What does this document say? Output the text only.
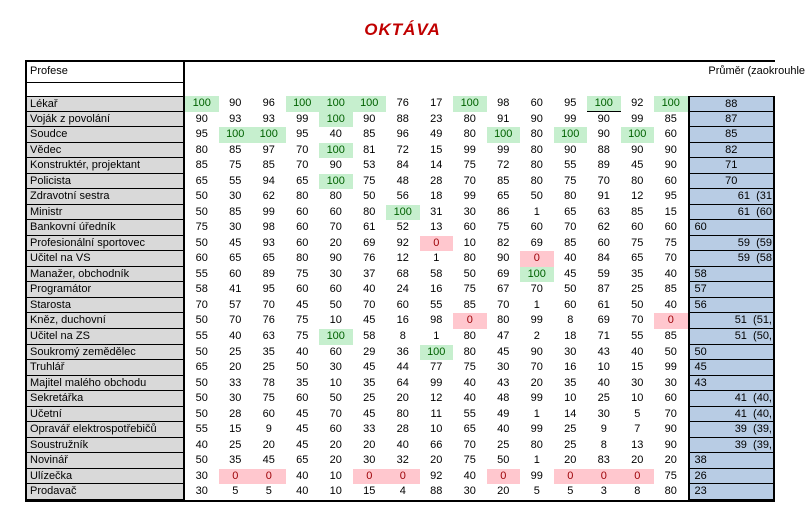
OKTÁVA
Profese	Průměr (zaokrouhle
Lékař	100	90	96	100	100	100	76	17	100	98	60	95	100	92	100	88
Voják z povolání	90	93	93	99	100	90	88	23	80	91	90	99	90	99	85	87
Soudce	95	100	100	95	40	85	96	49	80	100	80	100	90	100	60	85
Vědec	80	85	97	70	100	81	72	15	99	99	80	90	88	90	90	82
Konstruktér, projektant	85	75	85	70	90	53	84	14	75	72	80	55	89	45	90	71
Policista	65	55	94	65	100	75	48	28	70	85	80	75	70	80	60	70
Zdravotní sestra	50	30	62	80	80	50	56	18	99	65	50	80	91	12	95	61  (31
Ministr	50	85	99	60	60	80	100	31	30	86	1	65	63	85	15	61  (60
Bankovní úředník	75	30	98	60	70	61	52	13	60	75	60	70	62	60	60	60
Profesionální sportovec	50	45	93	60	20	69	92	0	10	82	69	85	60	75	75	59  (59
Učitel na VS	60	65	65	80	90	76	12	1	80	90	0	40	84	65	70	59  (58
Manažer, obchodník	55	60	89	75	30	37	68	58	50	69	100	45	59	35	40	58
Programátor	58	41	95	60	60	40	24	16	75	67	70	50	87	25	85	57
Starosta	70	57	70	45	50	70	60	55	85	70	1	60	61	50	40	56
Kněz, duchovní	50	70	76	75	10	45	16	98	0	80	99	8	69	70	0	51  (51,
Učitel na ZS	55	40	63	75	100	58	8	1	80	47	2	18	71	55	85	51  (50,
Soukromý zemědělec	50	25	35	40	60	29	36	100	80	45	90	30	43	40	50	50
Truhlář	65	20	25	50	30	45	44	77	75	30	70	16	10	15	99	45
Majitel malého obchodu	50	33	78	35	10	35	64	99	40	43	20	35	40	30	30	43
Sekretářka	50	30	75	60	50	25	20	12	40	48	99	10	25	10	60	41  (40,
Učetní	50	28	60	45	70	45	80	11	55	49	1	14	30	5	70	41  (40,
Opravář elektrospotřebičů	55	15	9	45	60	33	28	10	65	40	99	25	9	7	90	39  (39,
Soustružník	40	25	20	45	20	20	40	66	70	25	80	25	8	13	90	39  (39,
Novinář	50	35	45	65	20	30	32	20	75	50	1	20	83	20	20	38
Ulízečka	30	0	0	40	10	0	0	92	40	0	99	0	0	0	75	26
Prodavač	30	5	5	40	10	15	4	88	30	20	5	5	3	8	80	23
